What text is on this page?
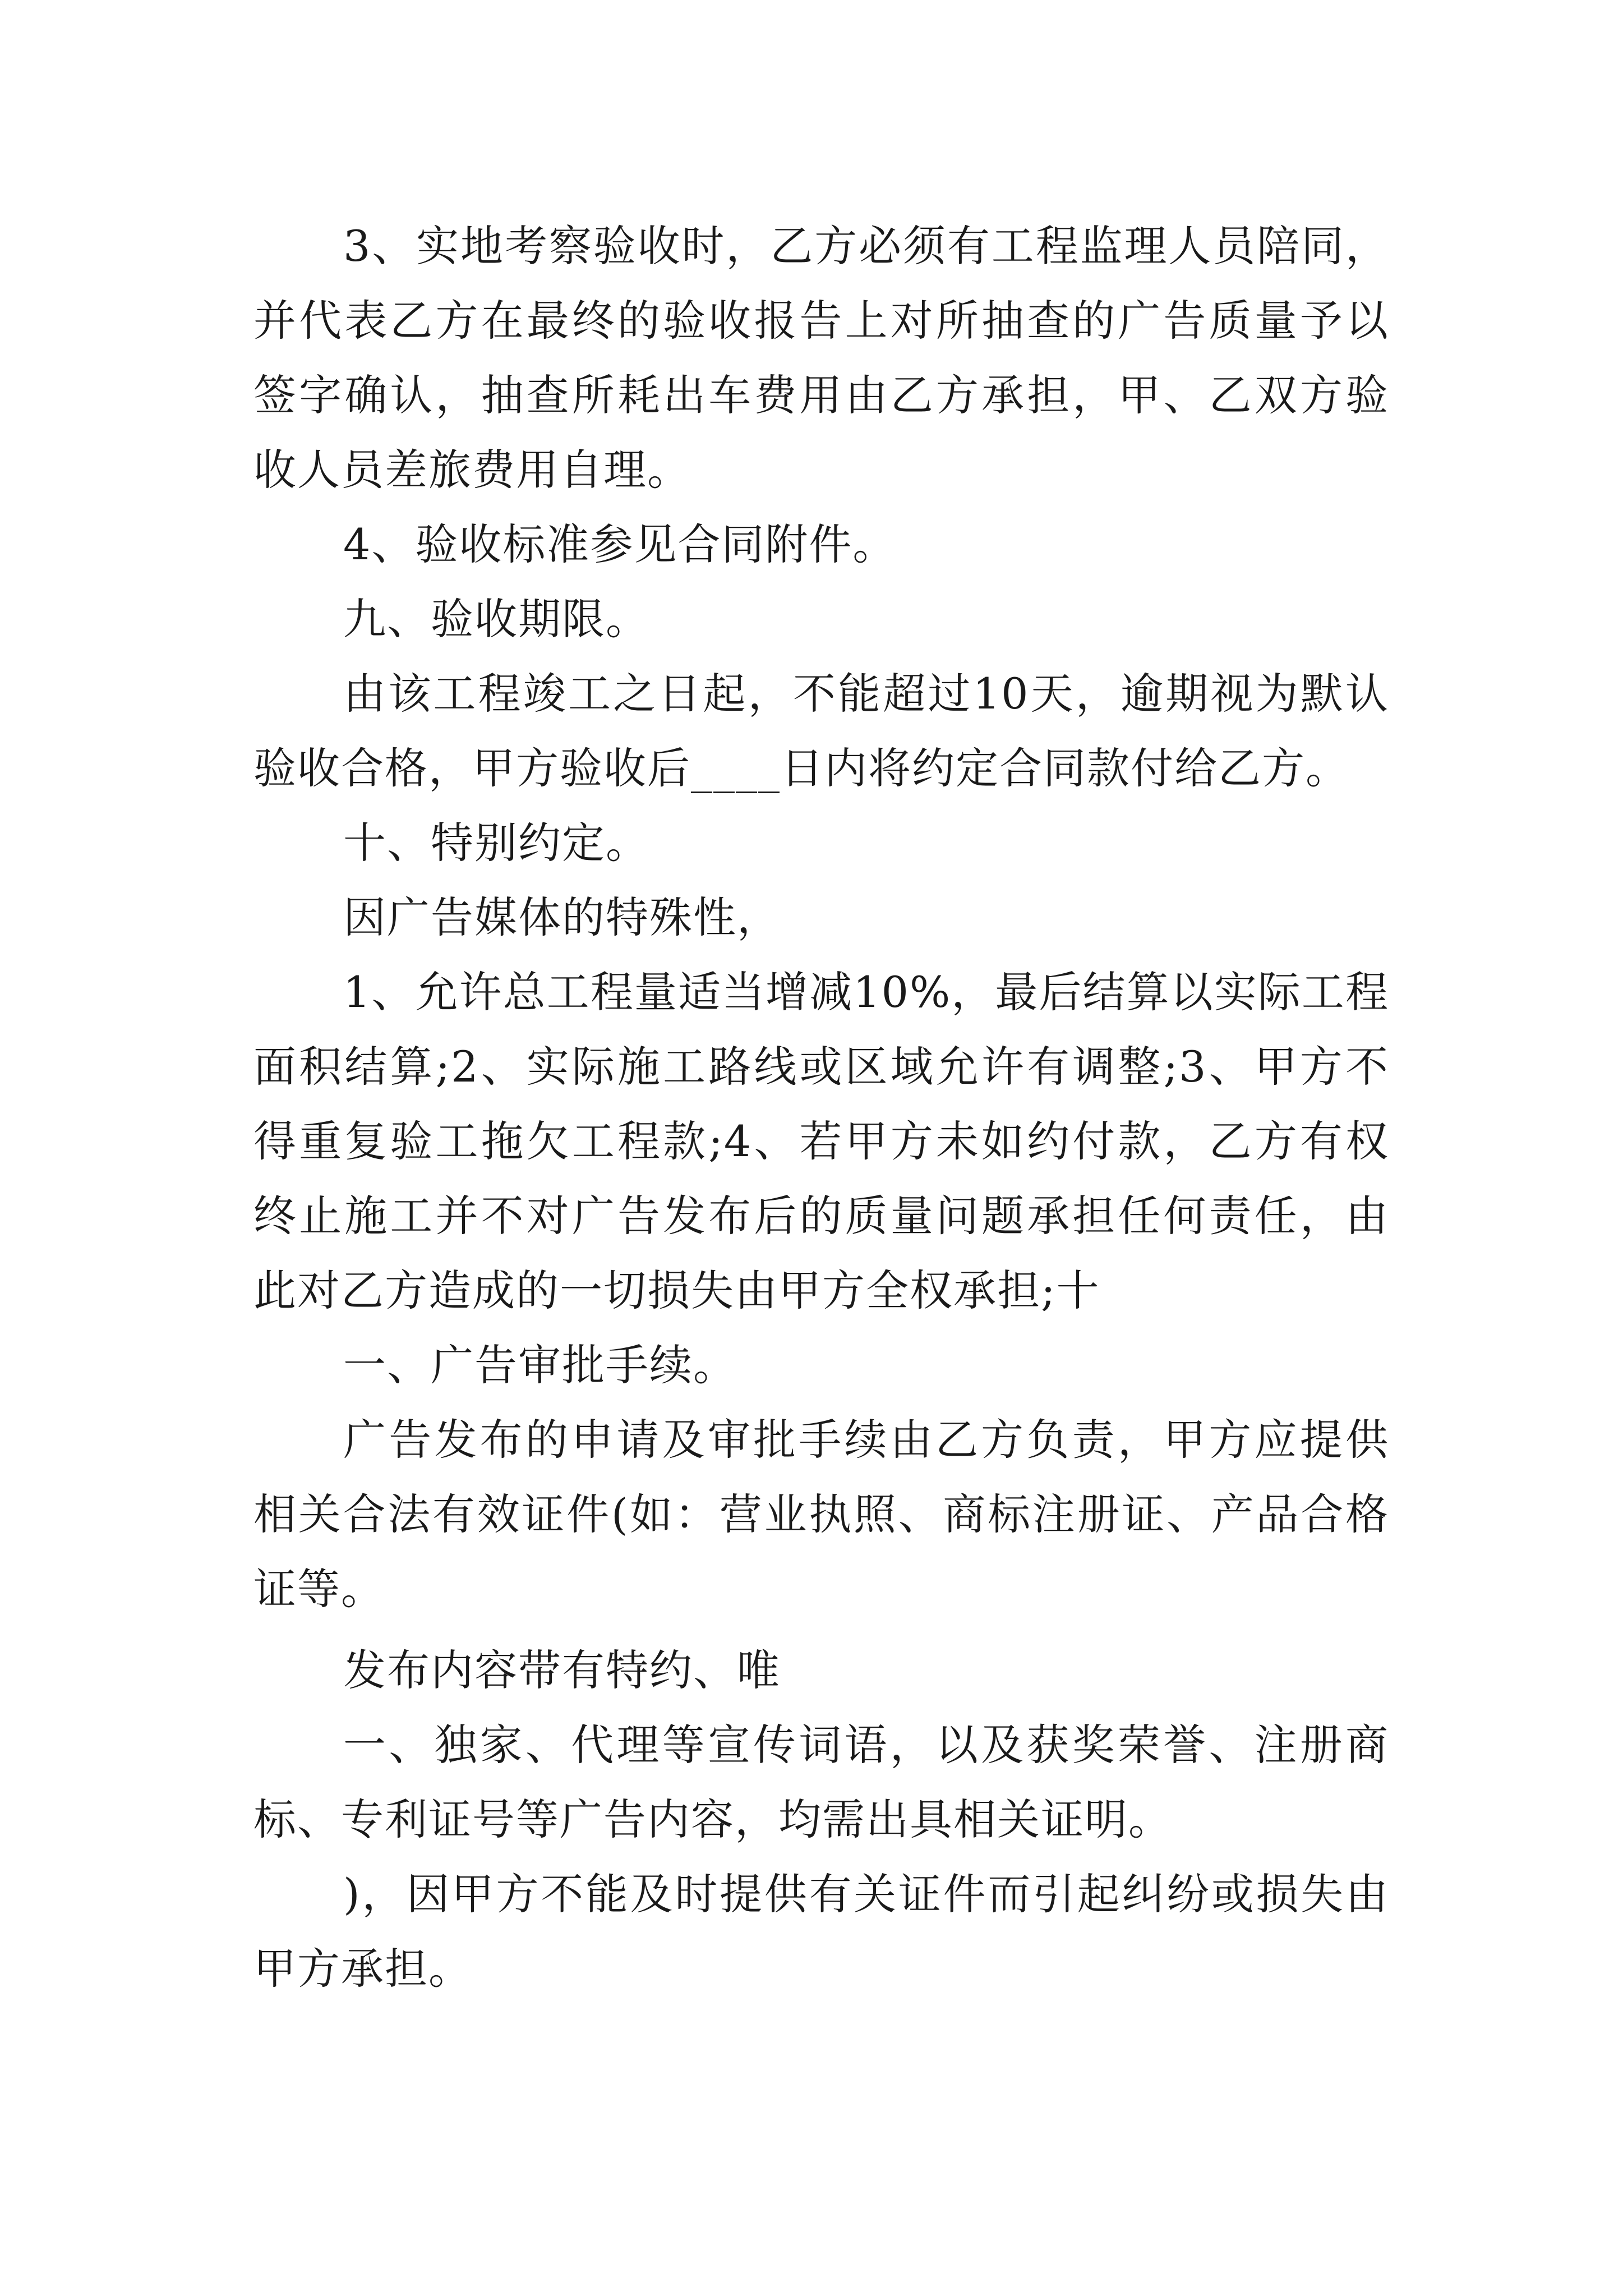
3、实地考察验收时，乙方必须有工程监理人员陪同，并代表乙方在最终的验收报告上对所抽查的广告质量予以签字确认，抽查所耗出车费用由乙方承担，甲、乙双方验收人员差旅费用自理。

4、验收标准参见合同附件。

九、验收期限。

由该工程竣工之日起，不能超过10天，逾期视为默认验收合格，甲方验收后____日内将约定合同款付给乙方。

十、特别约定。

因广告媒体的特殊性，

1、允许总工程量适当增减10%，最后结算以实际工程面积结算;2、实际施工路线或区域允许有调整;3、甲方不得重复验工拖欠工程款;4、若甲方未如约付款，乙方有权终止施工并不对广告发布后的质量问题承担任何责任，由此对乙方造成的一切损失由甲方全权承担;十

一、广告审批手续。

广告发布的申请及审批手续由乙方负责，甲方应提供相关合法有效证件(如：营业执照、商标注册证、产品合格证等。

发布内容带有特约、唯

一、独家、代理等宣传词语，以及获奖荣誉、注册商标、专利证号等广告内容，均需出具相关证明。

)，因甲方不能及时提供有关证件而引起纠纷或损失由甲方承担。
